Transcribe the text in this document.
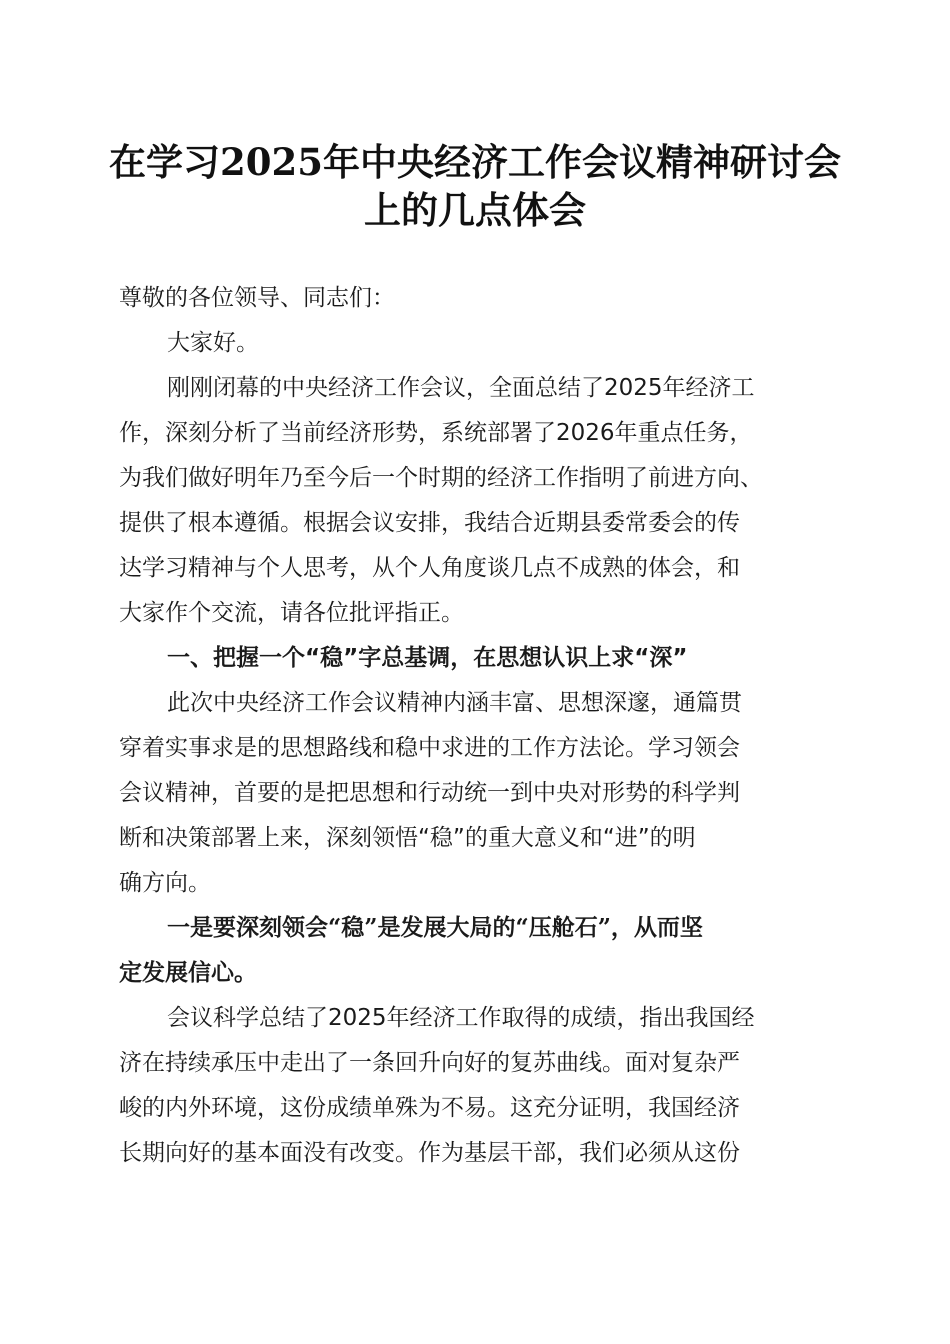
在学习2025年中央经济工作会议精神研讨会
上的几点体会
尊敬的各位领导、同志们：
大家好。
刚刚闭幕的中央经济工作会议，全面总结了2025年经济工
作，深刻分析了当前经济形势，系统部署了2026年重点任务，
为我们做好明年乃至今后一个时期的经济工作指明了前进方向、
提供了根本遵循。根据会议安排，我结合近期县委常委会的传
达学习精神与个人思考，从个人角度谈几点不成熟的体会，和
大家作个交流，请各位批评指正。
一、把握一个“稳”字总基调，在思想认识上求“深”
此次中央经济工作会议精神内涵丰富、思想深邃，通篇贯
穿着实事求是的思想路线和稳中求进的工作方法论。学习领会
会议精神，首要的是把思想和行动统一到中央对形势的科学判
断和决策部署上来，深刻领悟“稳”的重大意义和“进”的明
确方向。
一是要深刻领会“稳”是发展大局的“压舱石”，从而坚
定发展信心。
会议科学总结了2025年经济工作取得的成绩，指出我国经
济在持续承压中走出了一条回升向好的复苏曲线。面对复杂严
峻的内外环境，这份成绩单殊为不易。这充分证明，我国经济
长期向好的基本面没有改变。作为基层干部，我们必须从这份
